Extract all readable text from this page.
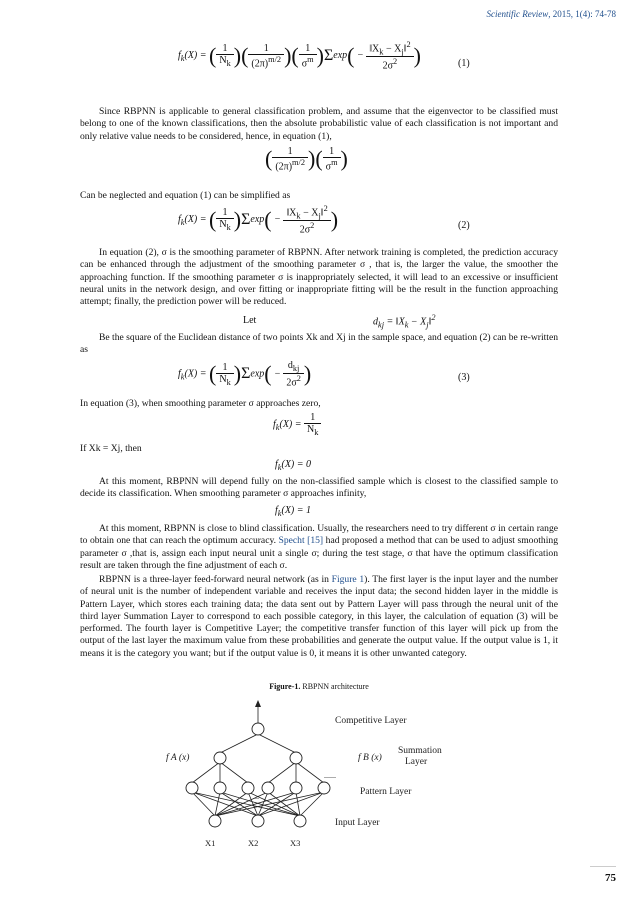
Scientific Review, 2015, 1(4): 74-78
$f_k(X)$ = ( $\frac{1}{N_k}$ )( $\frac{1}{(2\pi)^{m/2}}$ )( $\frac{1}{\sigma^m} )\Sigma\exp( - \frac{‖X_k - X_j‖^2}{2\sigma^2}$ )	(1)
Since RBPNN is applicable to general classification problem, and assume that the eigenvector to be classified must belong to one of the known classifications, then the absolute probabilistic value of each classification is not important and only relative value needs to be considered, hence, in equation (1),
( $\frac{1}{(2\pi)^{m/2}}$ )( $\frac{1}{\sigma^m}$ )
Can be neglected and equation (1) can be simplified as
$f_k(X)$ = ( $\frac{1}{N_k} )\Sigma\exp( - \frac{‖X_k - X_j‖^2}{2\sigma^2}$ )	(2)
In equation (2), σ is the smoothing parameter of RBPNN. After network training is completed, the prediction accuracy can be enhanced through the adjustment of the smoothing parameter σ , that is, the larger the value, the smoother the approaching function. If the smoothing parameter σ is inappropriately selected, it will lead to an excessive or insufficient neural units in the network design, and over fitting or inappropriate fitting will be the result in the function approaching attempt; finally, the prediction power will be reduced.
Let	$d_{kj}$ = $‖X_k$ − $X_j‖^2$
Be the square of the Euclidean distance of two points Xk and Xj in the sample space, and equation (2) can be re-written as
$f_k(X)$ = ( $\frac{1}{N_k} )\Sigma\exp( - \frac{d_{kj}}{2\sigma^2}$ )	(3)
In equation (3), when smoothing parameter σ approaches zero,
$f_k(X) = \frac{1}{N_k}$
If Xk = Xj, then
$f_k(X) = 0$
At this moment, RBPNN will depend fully on the non-classified sample which is closest to the classified sample to decide its classification. When smoothing parameter σ approaches infinity,
$f_k(X) = 1$
At this moment, RBPNN is close to blind classification. Usually, the researchers need to try different σ in certain range to obtain one that can reach the optimum accuracy. Specht [15] had proposed a method that can be used to adjust smoothing parameter σ ,that is, assign each input neural unit a single σ; during the test stage, σ that have the optimum classification result are taken through the fine adjustment of each σ.
RBPNN is a three-layer feed-forward neural network (as in Figure 1). The first layer is the input layer and the number of neural unit is the number of independent variable and receives the input data; the second hidden layer in the middle is Pattern Layer, which stores each training data; the data sent out by Pattern Layer will pass through the neural unit of the third layer Summation Layer to correspond to each possible category, in this layer, the calculation of equation (3) will be performed. The fourth layer is Competitive Layer; the competitive transfer function of this layer will pick up from the output of the last layer the maximum value from these probabilities and generate the output value. If the output value is 1, it means it is the category you want; but if the output value is 0, it means it is other unwanted category.
Figure-1. RBPNN architecture
Competitive Layer
Summation
Layer
Pattern Layer
Input Layer
f A (x)	f B (x)
X1	X2	X3
...
......
75
